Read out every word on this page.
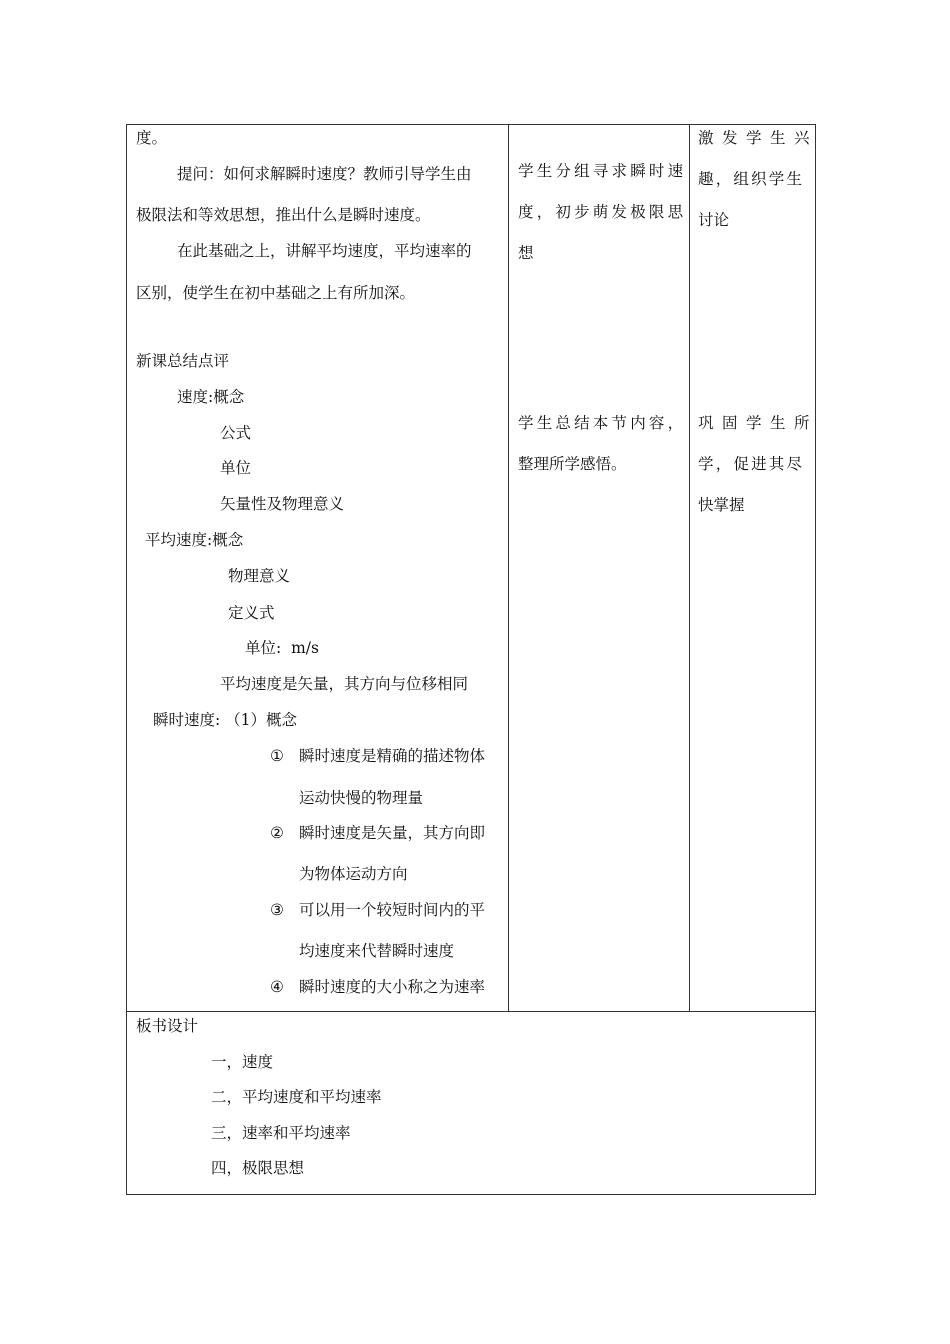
度。
提问：如何求解瞬时速度？教师引导学生由
极限法和等效思想，推出什么是瞬时速度。
在此基础之上，讲解平均速度，平均速率的
区别，使学生在初中基础之上有所加深。
新课总结点评
速度:概念
公式
单位
矢量性及物理意义
平均速度:概念
物理意义
定义式
单位:  m/s
平均速度是矢量，其方向与位移相同
瞬时速度: （1）概念
① 瞬时速度是精确的描述物体
运动快慢的物理量
② 瞬时速度是矢量，其方向即
为物体运动方向
③ 可以用一个较短时间内的平
均速度来代替瞬时速度
④ 瞬时速度的大小称之为速率
学生分组寻求瞬时速
度，初步萌发极限思
想
学生总结本节内容，
整理所学感悟。
激发学生兴
趣，组织学生
讨论
巩固学生所
学，促进其尽
快掌握
板书设计
一，速度
二，平均速度和平均速率
三，速率和平均速率
四，极限思想
